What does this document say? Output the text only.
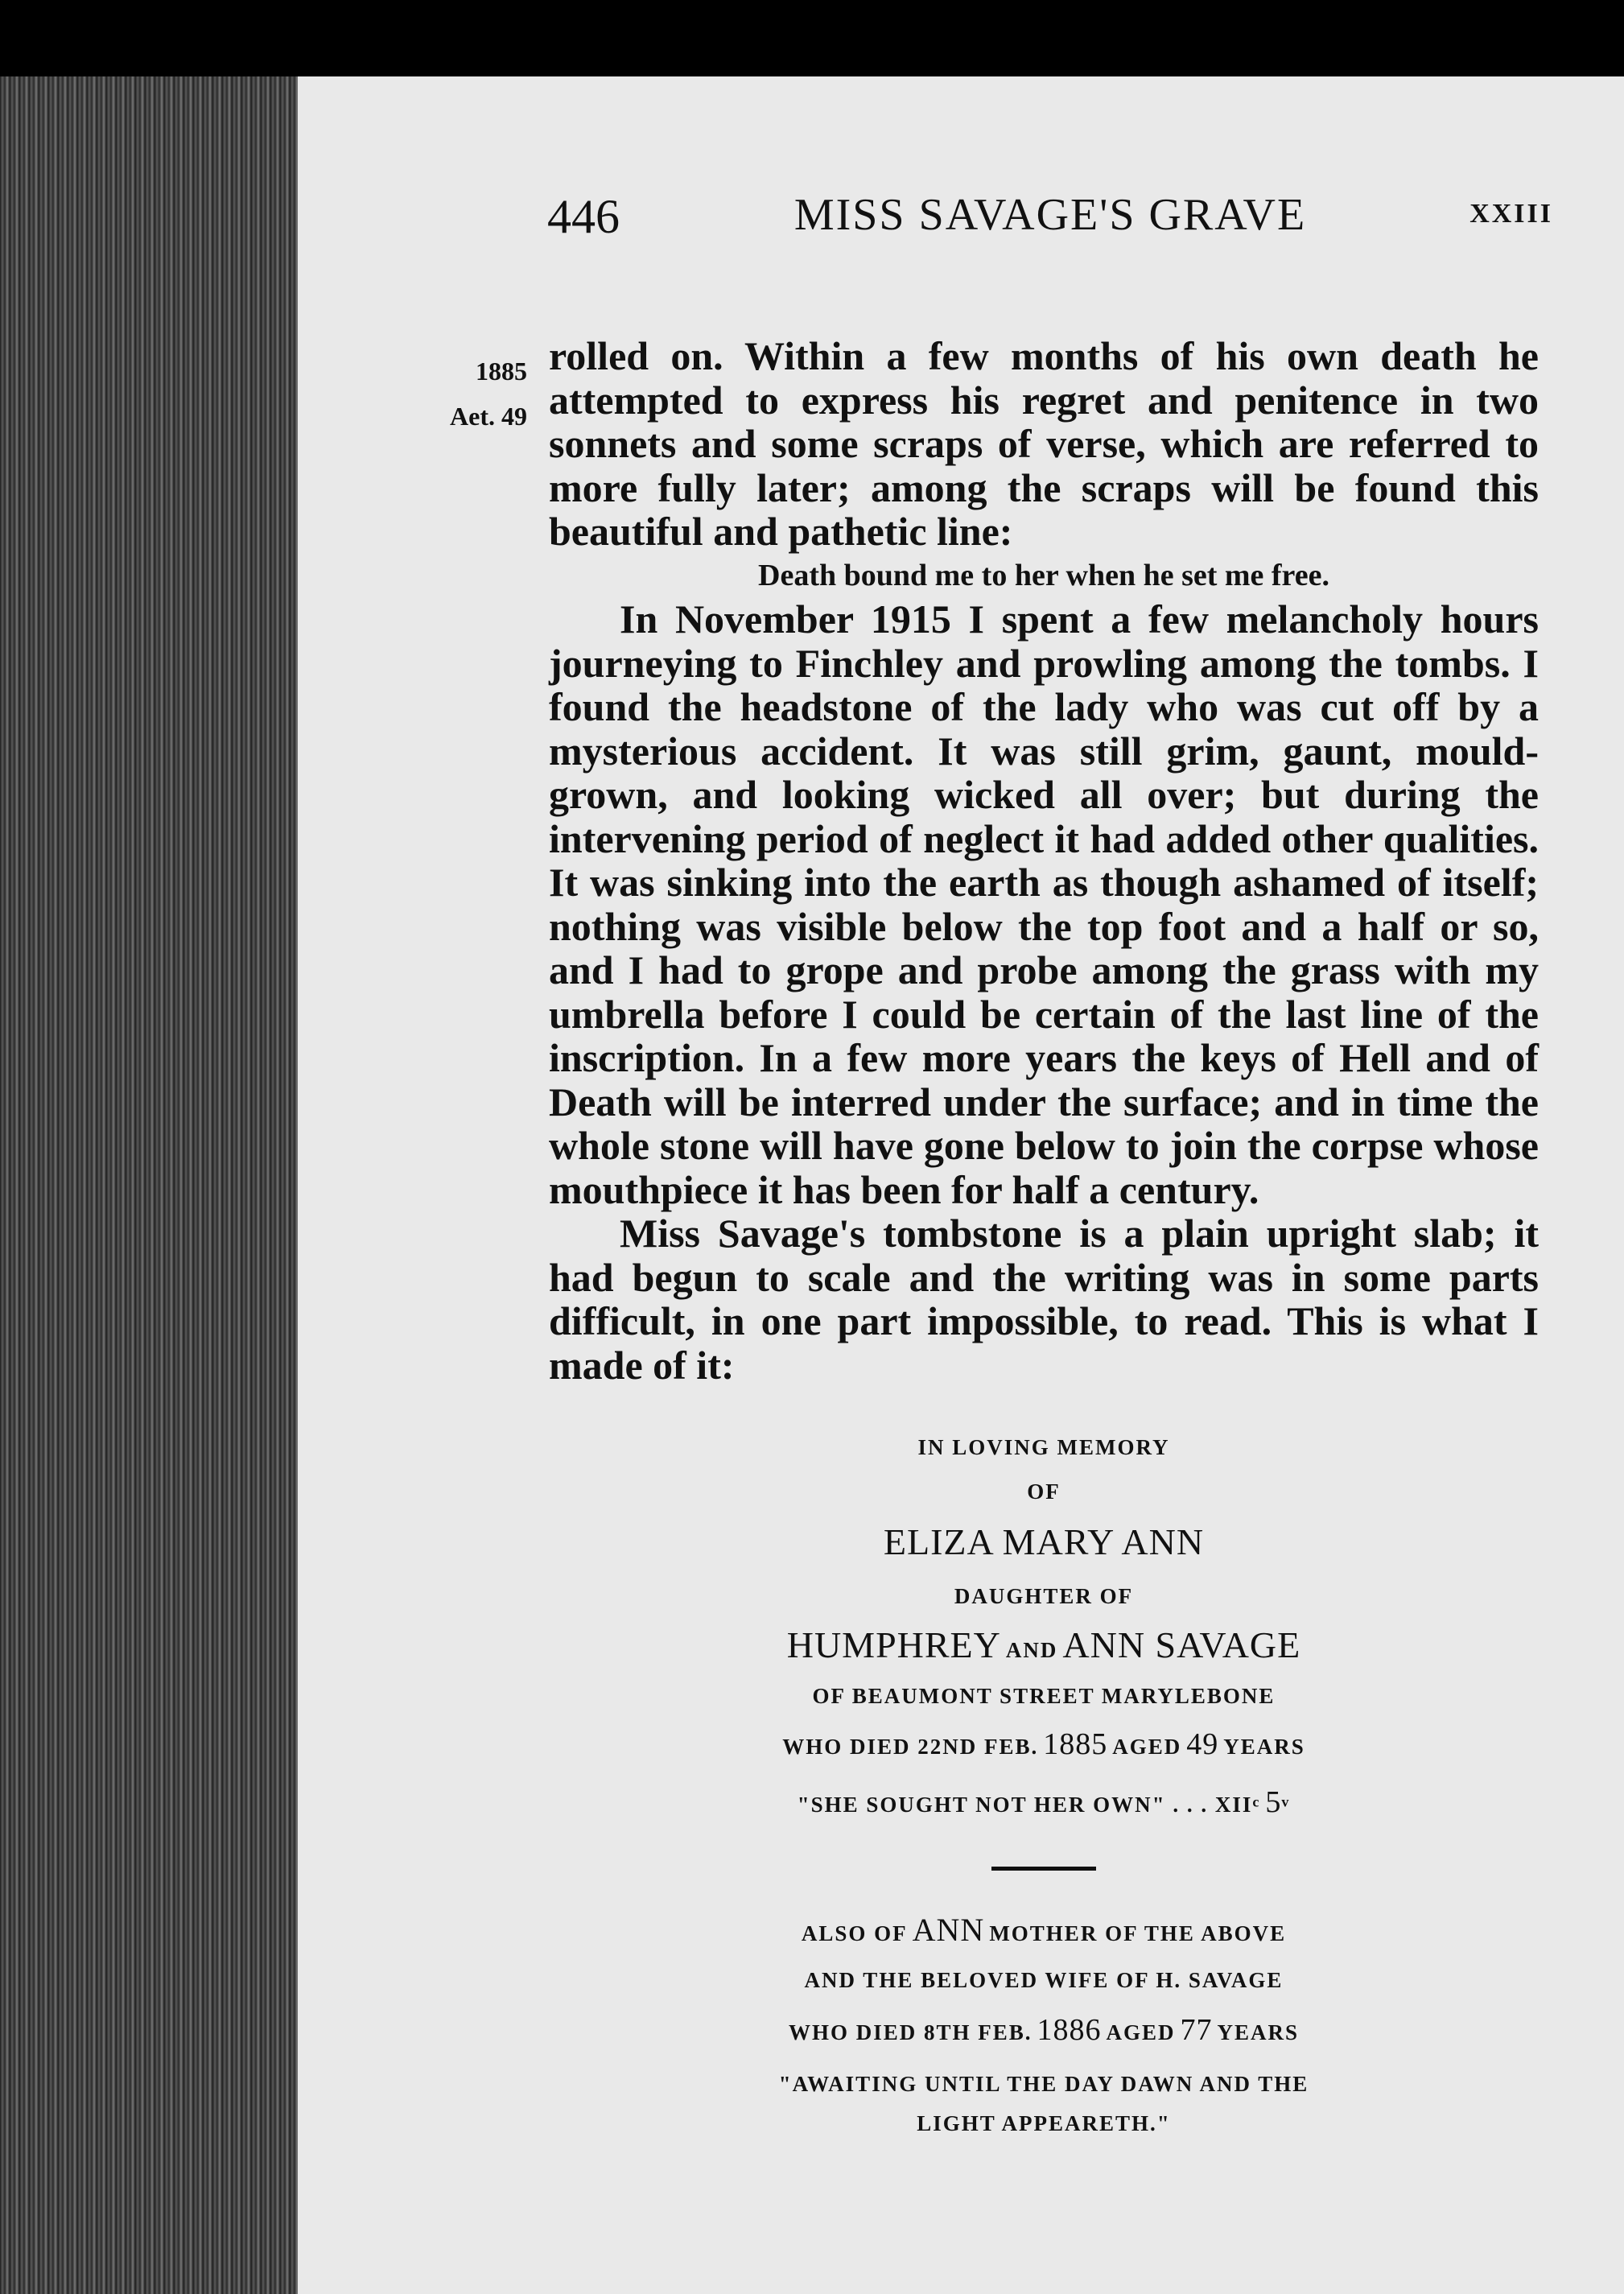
446	MISS SAVAGE'S GRAVE	XXIII
1885
Aet. 49

rolled on. Within a few months of his own death he attempted to express his regret and penitence in two sonnets and some scraps of verse, which are referred to more fully later; among the scraps will be found this beautiful and pathetic line:

Death bound me to her when he set me free.

In November 1915 I spent a few melancholy hours journeying to Finchley and prowling among the tombs. I found the headstone of the lady who was cut off by a mysterious accident. It was still grim, gaunt, mould-grown, and looking wicked all over; but during the intervening period of neglect it had added other qualities. It was sinking into the earth as though ashamed of itself; nothing was visible below the top foot and a half or so, and I had to grope and probe among the grass with my umbrella before I could be certain of the last line of the inscription. In a few more years the keys of Hell and of Death will be interred under the surface; and in time the whole stone will have gone below to join the corpse whose mouthpiece it has been for half a century.

Miss Savage's tombstone is a plain upright slab; it had begun to scale and the writing was in some parts difficult, in one part impossible, to read. This is what I made of it:

IN LOVING MEMORY

OF

ELIZA MARY ANN

DAUGHTER OF

HUMPHREY AND ANN SAVAGE

OF BEAUMONT STREET MARYLEBONE

WHO DIED 22ND FEB. 1885 AGED 49 YEARS

"SHE SOUGHT NOT HER OWN" . . . XII$^c$ 5$^v$

ALSO OF ANN MOTHER OF THE ABOVE

AND THE BELOVED WIFE OF H. SAVAGE

WHO DIED 8TH FEB. 1886 AGED 77 YEARS

"AWAITING UNTIL THE DAY DAWN AND THE

LIGHT APPEARETH."
